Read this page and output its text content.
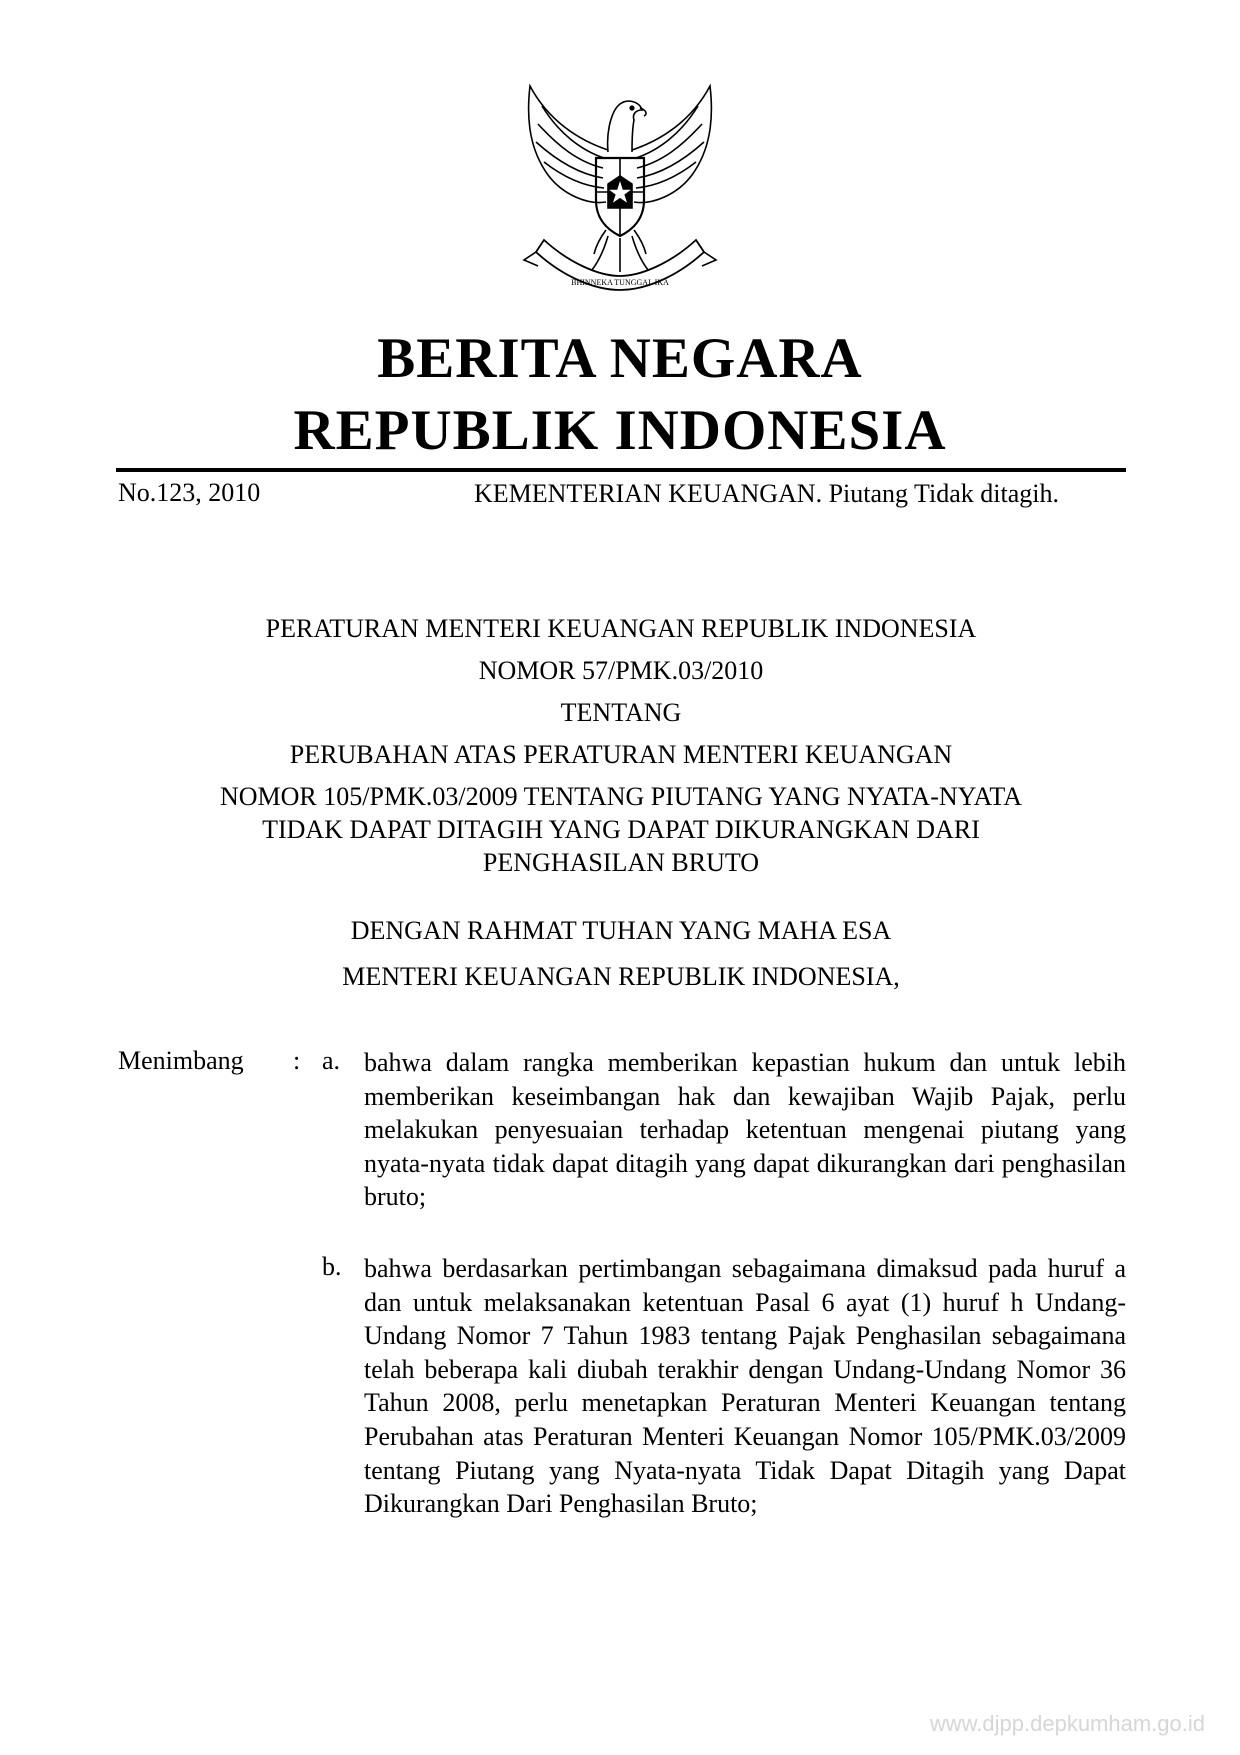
BHINNEKA TUNGGAL IKA
BERITA NEGARA
REPUBLIK INDONESIA
No.123, 2010	KEMENTERIAN KEUANGAN. Piutang Tidak ditagih.
PERATURAN MENTERI KEUANGAN REPUBLIK INDONESIA
NOMOR 57/PMK.03/2010
TENTANG
PERUBAHAN ATAS PERATURAN MENTERI KEUANGAN
NOMOR 105/PMK.03/2009 TENTANG PIUTANG YANG NYATA-NYATA
TIDAK DAPAT DITAGIH YANG DAPAT DIKURANGKAN DARI
PENGHASILAN BRUTO
DENGAN RAHMAT TUHAN YANG MAHA ESA
MENTERI KEUANGAN REPUBLIK INDONESIA,
Menimbang : a. bahwa dalam rangka memberikan kepastian hukum dan untuk lebih memberikan keseimbangan hak dan kewajiban Wajib Pajak, perlu melakukan penyesuaian terhadap ketentuan mengenai piutang yang nyata-nyata tidak dapat ditagih yang dapat dikurangkan dari penghasilan bruto;
b. bahwa berdasarkan pertimbangan sebagaimana dimaksud pada huruf a dan untuk melaksanakan ketentuan Pasal 6 ayat (1) huruf h Undang-Undang Nomor 7 Tahun 1983 tentang Pajak Penghasilan sebagaimana telah beberapa kali diubah terakhir dengan Undang-Undang Nomor 36 Tahun 2008, perlu menetapkan Peraturan Menteri Keuangan tentang Perubahan atas Peraturan Menteri Keuangan Nomor 105/PMK.03/2009 tentang Piutang yang Nyata-nyata Tidak Dapat Ditagih yang Dapat Dikurangkan Dari Penghasilan Bruto;
www.djpp.depkumham.go.id
